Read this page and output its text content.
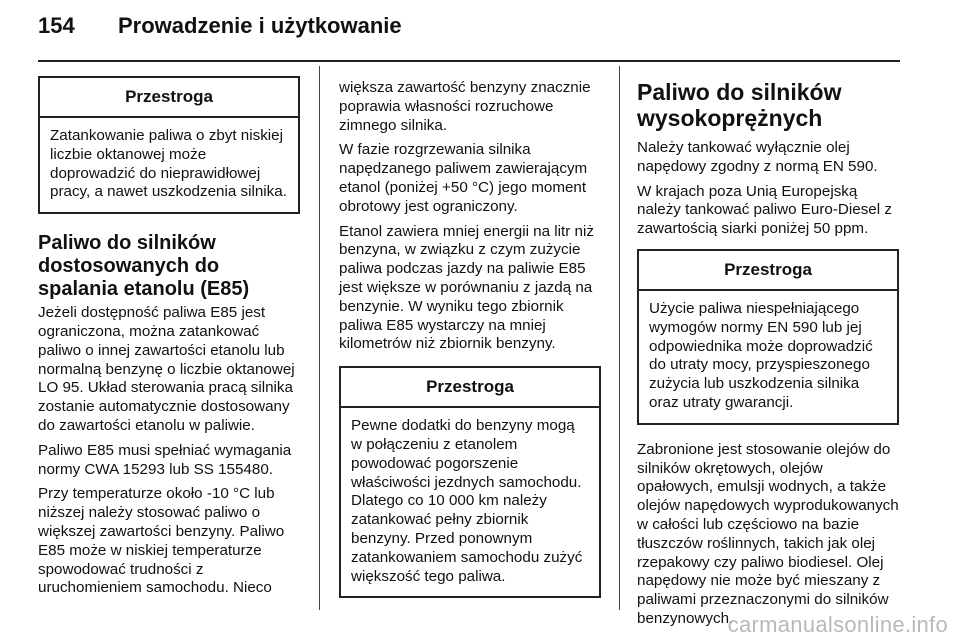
154 Prowadzenie i użytkowanie
Przestroga
Zatankowanie paliwa o zbyt niskiej liczbie oktanowej może doprowadzić do nieprawidłowej pracy, a nawet uszkodzenia silnika.
Paliwo do silników dostosowanych do spalania etanolu (E85)

Jeżeli dostępność paliwa E85 jest ograniczona, można zatankować paliwo o innej zawartości etanolu lub normalną benzynę o liczbie oktanowej LO 95. Układ sterowania pracą silnika zostanie automatycznie dostosowany do zawartości etanolu w paliwie.

Paliwo E85 musi spełniać wymagania normy CWA 15293 lub SS 155480.

Przy temperaturze około -10 °C lub niższej należy stosować paliwo o większej zawartości benzyny. Paliwo E85 może w niskiej temperaturze spowodować trudności z uruchomieniem samochodu. Nieco

większa zawartość benzyny znacznie poprawia własności rozruchowe zimnego silnika.

W fazie rozgrzewania silnika napędzanego paliwem zawierającym etanol (poniżej +50 °C) jego moment obrotowy jest ograniczony.

Etanol zawiera mniej energii na litr niż benzyna, w związku z czym zużycie paliwa podczas jazdy na paliwie E85 jest większe w porównaniu z jazdą na benzynie. W wyniku tego zbiornik paliwa E85 wystarczy na mniej kilometrów niż zbiornik benzyny.

Przestroga
Pewne dodatki do benzyny mogą w połączeniu z etanolem powodować pogorszenie właściwości jezdnych samochodu. Dlatego co 10 000 km należy zatankować pełny zbiornik benzyny. Przed ponownym zatankowaniem samochodu zużyć większość tego paliwa.
Paliwo do silników wysokoprężnych

Należy tankować wyłącznie olej napędowy zgodny z normą EN 590.

W krajach poza Unią Europejską należy tankować paliwo Euro-Diesel z zawartością siarki poniżej 50 ppm.

Przestroga
Użycie paliwa niespełniającego wymogów normy EN 590 lub jej odpowiednika może doprowadzić do utraty mocy, przyspieszonego zużycia lub uszkodzenia silnika oraz utraty gwarancji.

Zabronione jest stosowanie olejów do silników okrętowych, olejów opałowych, emulsji wodnych, a także olejów napędowych wyprodukowanych w całości lub częściowo na bazie tłuszczów roślinnych, takich jak olej rzepakowy czy paliwo biodiesel. Olej napędowy nie może być mieszany z paliwami przeznaczonymi do silników benzynowych.

carmanualsonline.info
